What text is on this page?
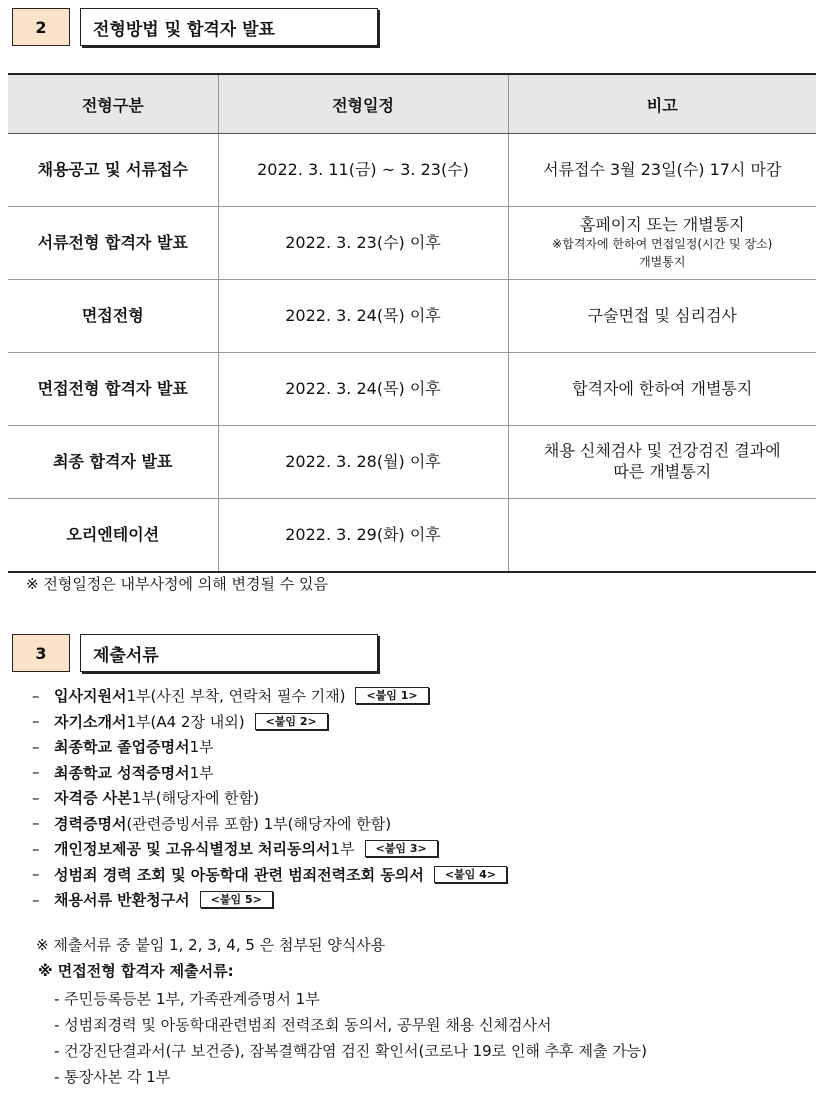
2	전형방법 및 합격자 발표
전형구분	전형일정	비고
채용공고 및 서류접수	2022. 3. 11(금) ~ 3. 23(수)	서류접수 3월 23일(수) 17시 마감
서류전형 합격자 발표	2022. 3. 23(수) 이후	홈페이지 또는 개별통지
※합격자에 한하여 면접일정(시간 및 장소)
개별통지

면접전형	2022. 3. 24(목) 이후	구술면접 및 심리검사
면접전형 합격자 발표	2022. 3. 24(목) 이후	합격자에 한하여 개별통지
최종 합격자 발표	2022. 3. 28(월) 이후	채용 신체검사 및 건강검진 결과에
따른 개별통지

오리엔테이션	2022. 3. 29(화) 이후	
※ 전형일정은 내부사정에 의해 변경될 수 있음
3	제출서류
– 입사지원서 1부(사진 부착, 연락처 필수 기재)	<붙임 1>
– 자기소개서 1부(A4 2장 내외)	<붙임 2>
– 최종학교 졸업증명서 1부
– 최종학교 성적증명서 1부
– 자격증 사본 1부(해당자에 한함)
– 경력증명서 (관련증빙서류 포함) 1부(해당자에 한함)
– 개인정보제공 및 고유식별정보 처리동의서 1부	<붙임 3>
– 성범죄 경력 조회 및 아동학대 관련 범죄전력조회 동의서	<붙임 4>
– 채용서류 반환청구서	<붙임 5>
※ 제출서류 중 붙임 1, 2, 3, 4, 5 은 첨부된 양식사용
※ 면접전형 합격자 제출서류:
- 주민등록등본 1부, 가족관계증명서 1부
- 성범죄경력 및 아동학대관련범죄 전력조회 동의서, 공무원 채용 신체검사서
- 건강진단결과서(구 보건증), 잠복결핵감염 검진 확인서(코로나 19로 인해 추후 제출 가능)
- 통장사본 각 1부
